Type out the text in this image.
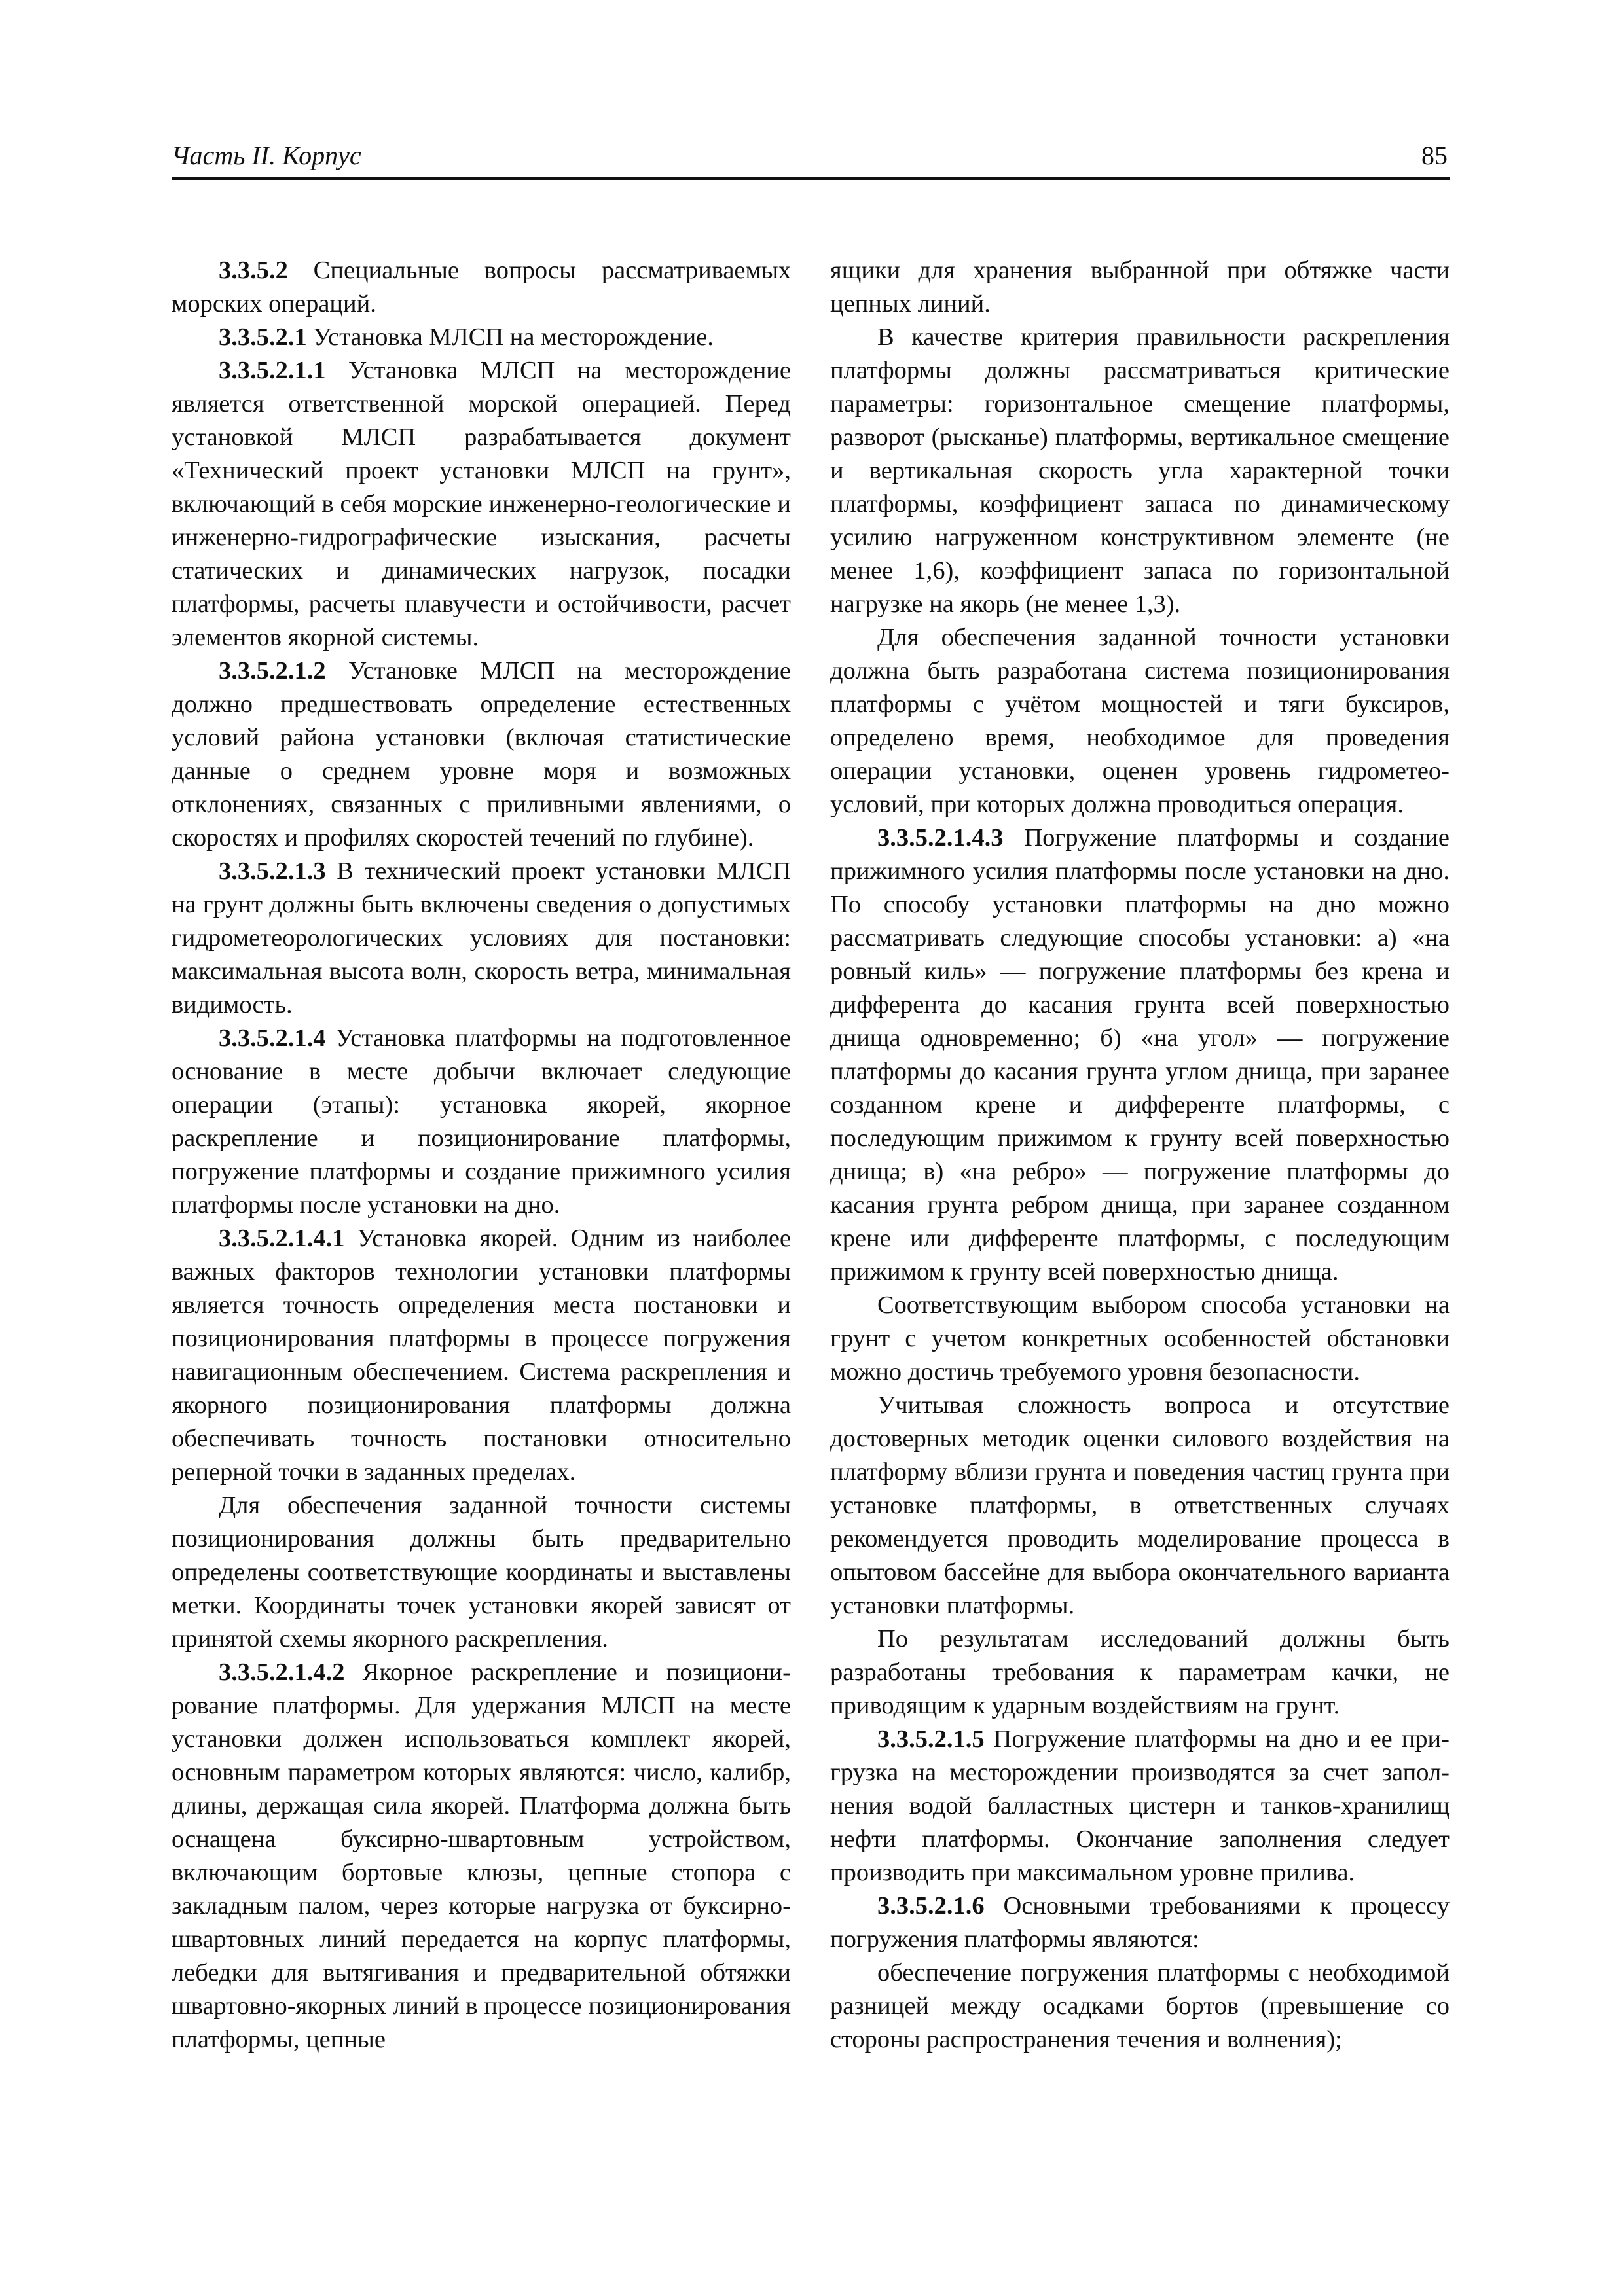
Часть II. Корпус	85

3.3.5.2 Специальные вопросы рассматриваемых морских операций.

3.3.5.2.1 Установка МЛСП на месторождение.

3.3.5.2.1.1 Установка МЛСП на месторождение является ответственной морской операцией. Перед установкой МЛСП разрабатывается документ «Технический проект установки МЛСП на грунт», включающий в себя морские инженерно-геологические и инженерно-гидрографические изыскания, расчеты статических и динамических нагрузок, посадки платформы, расчеты плавучести и остойчивости, расчет элементов якорной системы.

3.3.5.2.1.2 Установке МЛСП на месторождение должно предшествовать определение естественных условий района установки (включая статистические данные о среднем уровне моря и возможных отклонениях, связанных с приливными явлениями, о скоростях и профилях скоростей течений по глубине).

3.3.5.2.1.3 В технический проект установки МЛСП на грунт должны быть включены сведения о допустимых гидрометеорологических условиях для постановки: максимальная высота волн, скорость ветра, минимальная видимость.

3.3.5.2.1.4 Установка платформы на подготовленное основание в месте добычи включает следующие операции (этапы): установка якорей, якорное раскрепление и позиционирование платформы, погружение платформы и создание прижимного усилия платформы после установки на дно.

3.3.5.2.1.4.1 Установка якорей. Одним из наиболее важных факторов технологии установки платформы является точность определения места постановки и позиционирования платформы в процессе погружения навигационным обеспечением. Система раскрепления и якорного позиционирования платформы должна обеспечивать точность постановки относительно реперной точки в заданных пределах.

Для обеспечения заданной точности системы позиционирования должны быть предварительно определены соответствующие координаты и выставлены метки. Координаты точек установки якорей зависят от принятой схемы якорного раскрепления.

3.3.5.2.1.4.2 Якорное раскрепление и позиционирование платформы. Для удержания МЛСП на месте установки должен использоваться комплект якорей, основным параметром которых являются: число, калибр, длины, держащая сила якорей. Платформа должна быть оснащена буксирно-швартовным устройством, включающим бортовые клюзы, цепные стопора с закладным палом, через которые нагрузка от буксирно-швартовных линий передается на корпус платформы, лебедки для вытягивания и предварительной обтяжки швартовно-якорных линий в процессе позиционирования платформы, цепные

ящики для хранения выбранной при обтяжке части цепных линий.

В качестве критерия правильности раскрепления платформы должны рассматриваться критические параметры: горизонтальное смещение платформы, разворот (рысканье) платформы, вертикальное смещение и вертикальная скорость угла характерной точки платформы, коэффициент запаса по динамическому усилию нагруженном конструктивном элементе (не менее 1,6), коэффициент запаса по горизонтальной нагрузке на якорь (не менее 1,3).

Для обеспечения заданной точности установки должна быть разработана система позиционирования платформы с учётом мощностей и тяги буксиров, определено время, необходимое для проведения операции установки, оценен уровень гидрометеоусловий, при которых должна проводиться операция.

3.3.5.2.1.4.3 Погружение платформы и создание прижимного усилия платформы после установки на дно. По способу установки платформы на дно можно рассматривать следующие способы установки: а) «на ровный киль» — погружение платформы без крена и дифферента до касания грунта всей поверхностью днища одновременно; б) «на угол» — погружение платформы до касания грунта углом днища, при заранее созданном крене и дифференте платформы, с последующим прижимом к грунту всей поверхностью днища; в) «на ребро» — погружение платформы до касания грунта ребром днища, при заранее созданном крене или дифференте платформы, с последующим прижимом к грунту всей поверхностью днища.

Соответствующим выбором способа установки на грунт с учетом конкретных особенностей обстановки можно достичь требуемого уровня безопасности.

Учитывая сложность вопроса и отсутствие достоверных методик оценки силового воздействия на платформу вблизи грунта и поведения частиц грунта при установке платформы, в ответственных случаях рекомендуется проводить моделирование процесса в опытовом бассейне для выбора окончательного варианта установки платформы.

По результатам исследований должны быть разработаны требования к параметрам качки, не приводящим к ударным воздействиям на грунт.

3.3.5.2.1.5 Погружение платформы на дно и ее пригрузка на месторождении производятся за счет заполнения водой балластных цистерн и танков-хранилищ нефти платформы. Окончание заполнения следует производить при максимальном уровне прилива.

3.3.5.2.1.6 Основными требованиями к процессу погружения платформы являются:

обеспечение погружения платформы с необходимой разницей между осадками бортов (превышение со стороны распространения течения и волнения);
